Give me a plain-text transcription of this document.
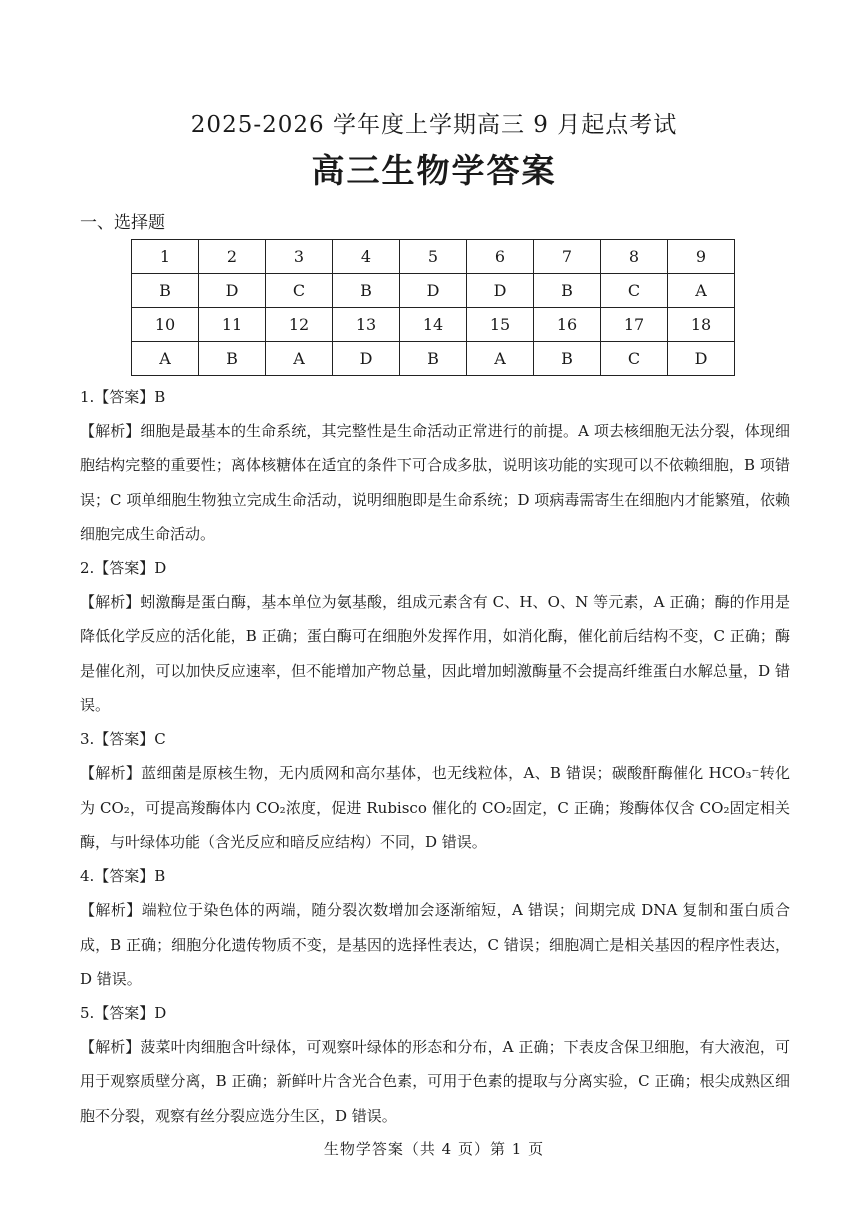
2025-2026 学年度上学期高三 9 月起点考试
高三生物学答案
一、选择题
1	2	3	4	5	6	7	8	9
B	D	C	B	D	D	B	C	A
10	11	12	13	14	15	16	17	18
A	B	A	D	B	A	B	C	D
1.【答案】B
【解析】细胞是最基本的生命系统，其完整性是生命活动正常进行的前提。A 项去核细胞无法分裂，体现细胞结构完整的重要性；离体核糖体在适宜的条件下可合成多肽，说明该功能的实现可以不依赖细胞，B 项错误；C 项单细胞生物独立完成生命活动，说明细胞即是生命系统；D 项病毒需寄生在细胞内才能繁殖，依赖细胞完成生命活动。
2.【答案】D
【解析】蚓激酶是蛋白酶，基本单位为氨基酸，组成元素含有 C、H、O、N 等元素，A 正确；酶的作用是降低化学反应的活化能，B 正确；蛋白酶可在细胞外发挥作用，如消化酶，催化前后结构不变，C 正确；酶是催化剂，可以加快反应速率，但不能增加产物总量，因此增加蚓激酶量不会提高纤维蛋白水解总量，D 错误。
3.【答案】C
【解析】蓝细菌是原核生物，无内质网和高尔基体，也无线粒体，A、B 错误；碳酸酐酶催化 HCO₃⁻转化为 CO₂，可提高羧酶体内 CO₂浓度，促进 Rubisco 催化的 CO₂固定，C 正确；羧酶体仅含 CO₂固定相关酶，与叶绿体功能（含光反应和暗反应结构）不同，D 错误。
4.【答案】B
【解析】端粒位于染色体的两端，随分裂次数增加会逐渐缩短，A 错误；间期完成 DNA 复制和蛋白质合成，B 正确；细胞分化遗传物质不变，是基因的选择性表达，C 错误；细胞凋亡是相关基因的程序性表达，D 错误。
5.【答案】D
【解析】菠菜叶肉细胞含叶绿体，可观察叶绿体的形态和分布，A 正确；下表皮含保卫细胞，有大液泡，可用于观察质壁分离，B 正确；新鲜叶片含光合色素，可用于色素的提取与分离实验，C 正确；根尖成熟区细胞不分裂，观察有丝分裂应选分生区，D 错误。
生物学答案（共 4 页）第 1 页
